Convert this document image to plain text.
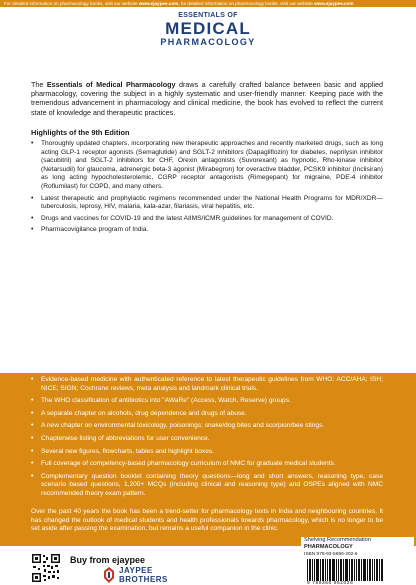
For detailed information on pharmacology books, visit our website www.ejaypee.com, for detailed information on pharmacology books, visit our website www.ejaypee.com
ESSENTIALS OF
MEDICAL
PHARMACOLOGY

The Essentials of Medical Pharmacology draws a carefully crafted balance between basic and applied pharmacology, covering the subject in a highly systematic and user-friendly manner. Keeping pace with the tremendous advancement in pharmacology and clinical medicine, the book has evolved to reflect the current state of knowledge and therapeutic practices.

Highlights of the 9th Edition
• Thoroughly updated chapters, incorporating new therapeutic approaches and recently marketed drugs, such as long acting GLP-1 receptor agonists (Semaglutide) and SGLT-2 inhibitors (Dapagliflozin) for diabetes, neprilysin inhibitor (sacubitril) and SGLT-2 inhibitors for CHF, Orexin antagonists (Suvorexant) as hypnotic, Rho-kinase inhibitor (Netarsudil) for glaucoma, adrenergic beta-3 agonist (Mirabegron) for overactive bladder, PCSK9 inhibitor (Inclisiran) as long acting hypocholesterolemic, CGRP receptor antagonists (Rimegepant) for migraine, PDE-4 inhibitor (Roflumilast) for COPD, and many others.
• Latest therapeutic and prophylactic regimens recommended under the National Health Programs for MDR/XDR—tuberculosis, leprosy, HIV, malaria, kala-azar, filariasis, viral hepatitis, etc.
• Drugs and vaccines for COVID-19 and the latest AIIMS/ICMR guidelines for management of COVID.
• Pharmacovigilance program of India.
• Evidence-based medicine with authenticated reference to latest therapeutic guidelines from WHO; ACC/AHA; ISH; NICE; SIGN; Cochrane reviews, meta analysis and landmark clinical trials.
• The WHO classification of antibiotics into "AWaRe" (Access, Watch, Reserve) groups.
• A separate chapter on alcohols, drug dependence and drugs of abuse.
• A new chapter on environmental toxicology, poisonings; snake/dog bites and scorpion/bee stings.
• Chapterwise listing of abbreviations for user convenience.
• Several new figures, flowcharts, tables and highlight boxes.
• Full coverage of competency-based pharmacology curriculum of NMC for graduate medical students.
• Complementary question booklet containing theory questions—long and short answers, reasoning type, case scenario based questions, 1,200+ MCQs (including clinical and reasoning type) and OSPEs aligned with NMC recommended theory exam pattern.

Over the past 40 years the book has been a trend-setter for pharmacology texts in India and neighbouring countries. It has changed the outlook of medical students and health professionals towards pharmacology, which is no longer to be set aside after passing the examination, but remains a useful companion in the clinic.

Shelving Recommendation
PHARMACOLOGY
ISBN 978-93-5696-202-6
9 789356 962026
Buy from ejaypee
JAYPEE
BROTHERS
